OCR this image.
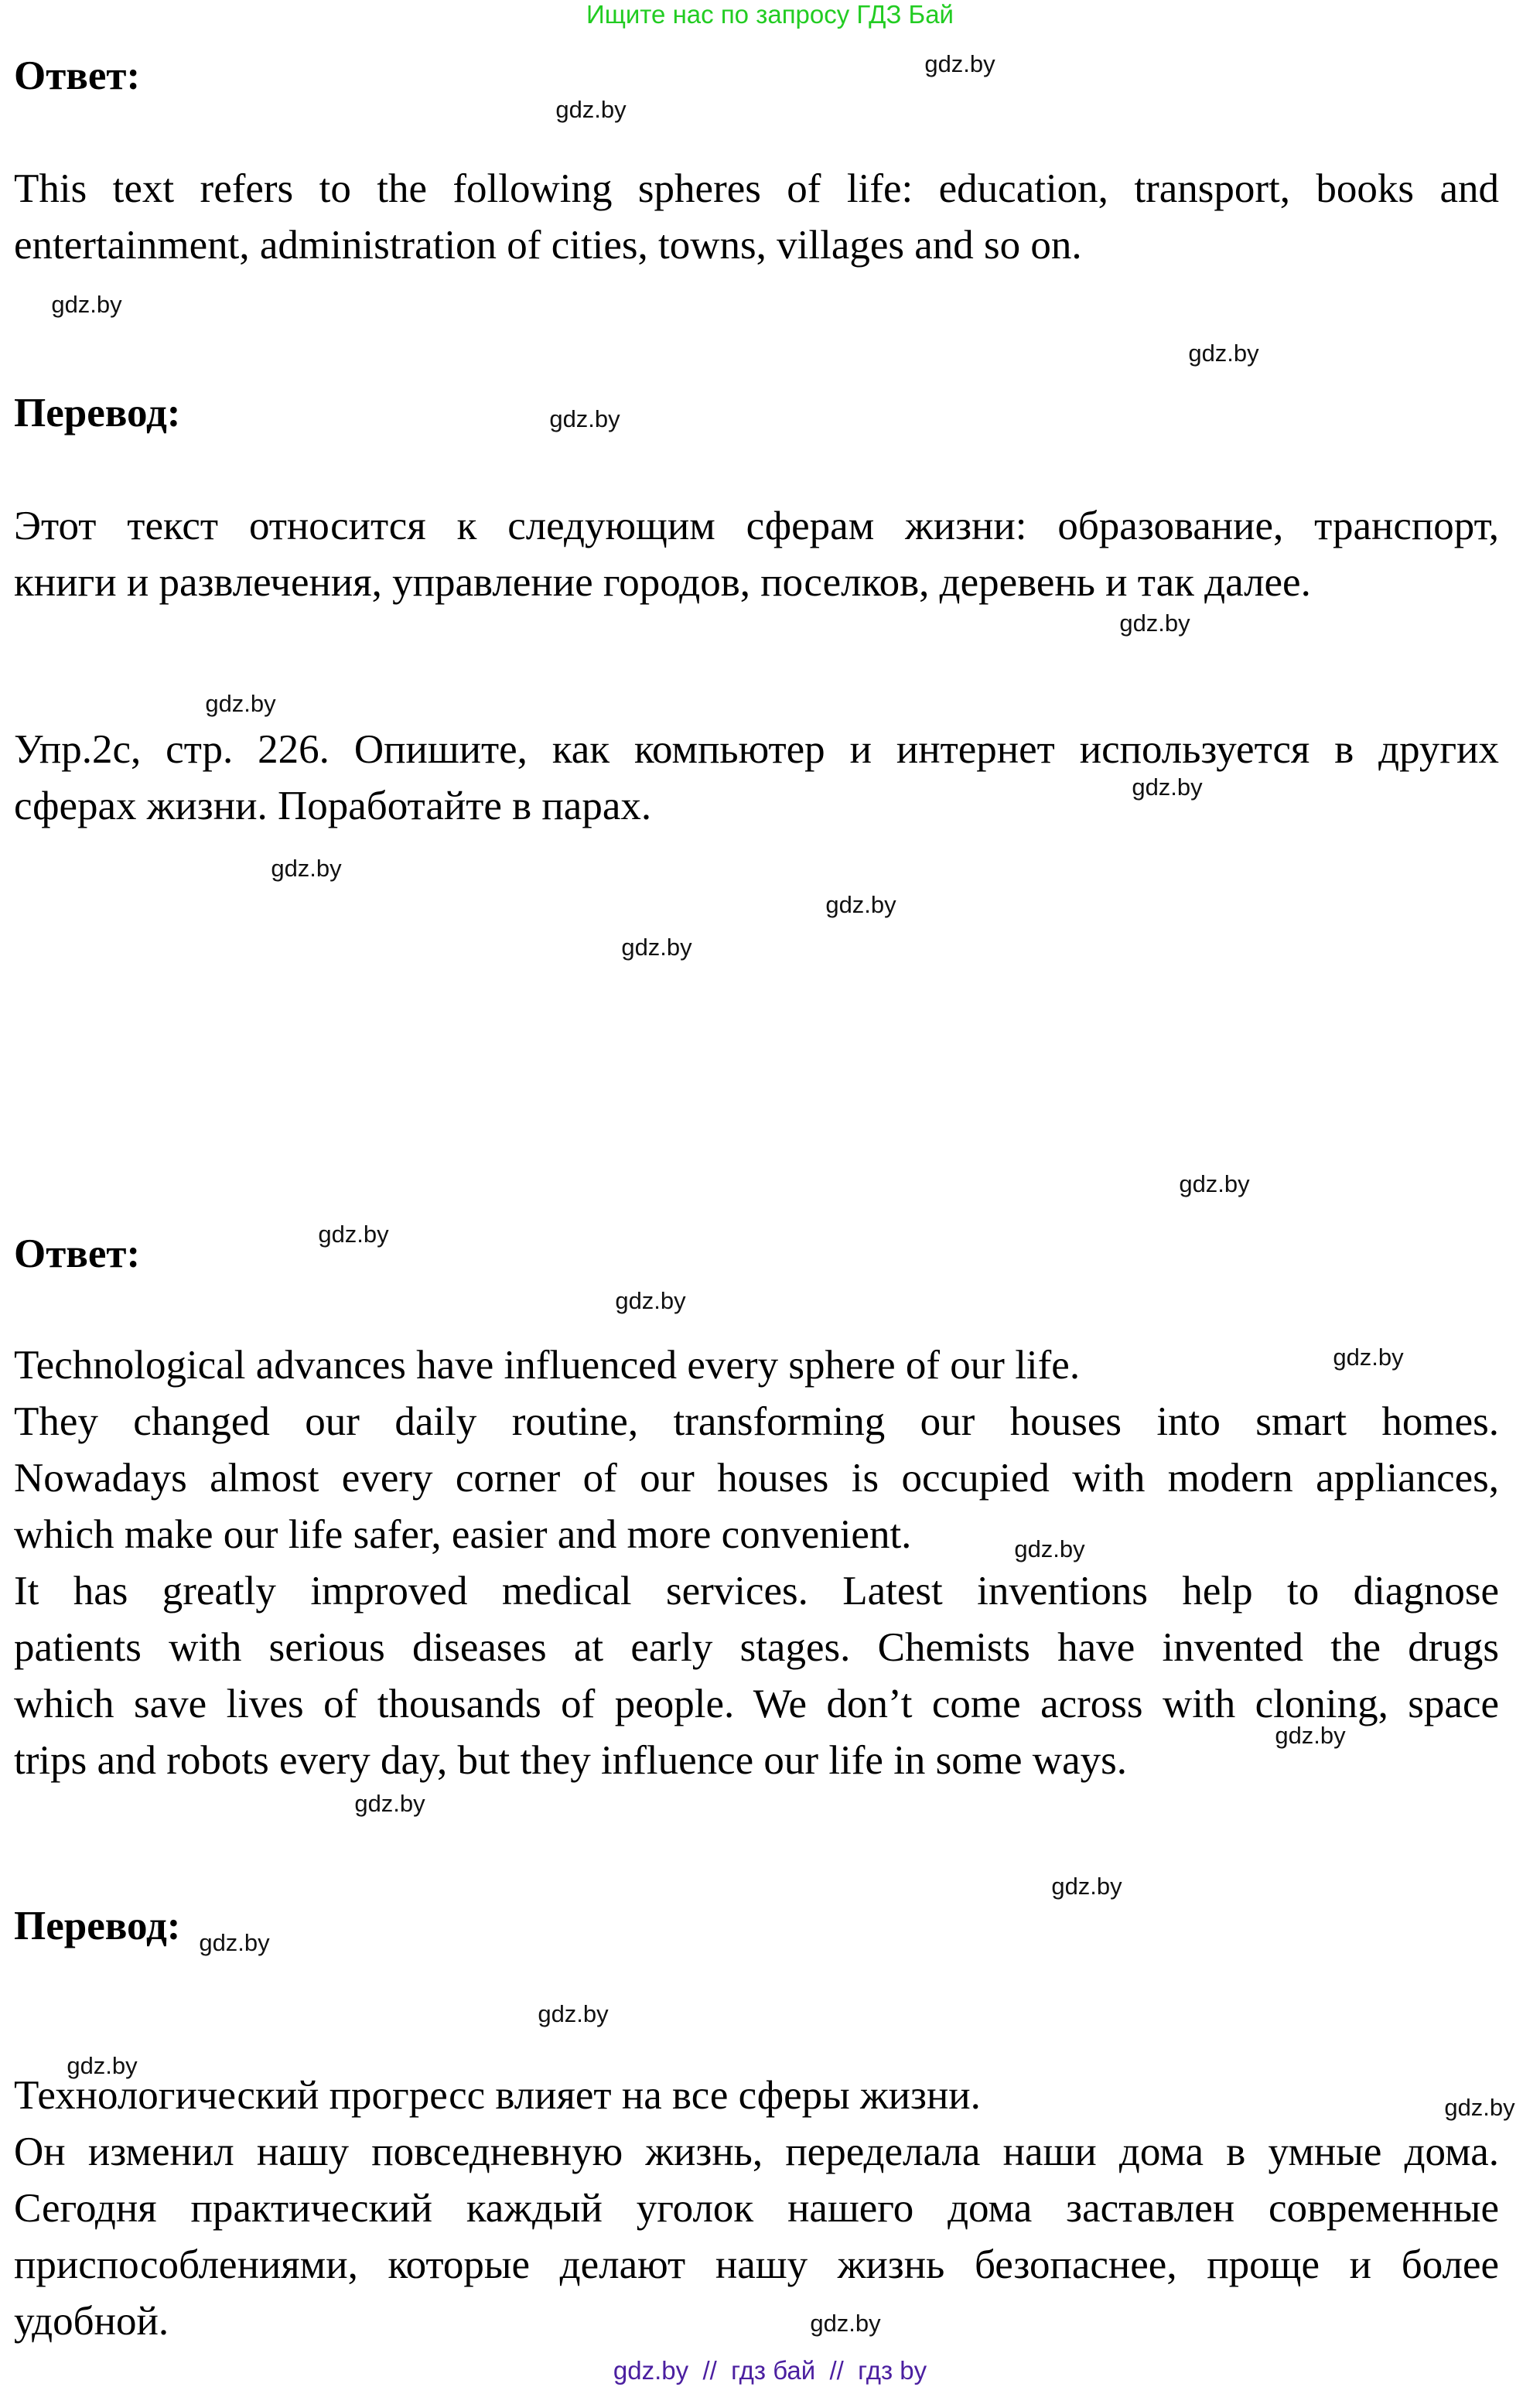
Ищите нас по запросу ГДЗ Бай
Ответ:
This text refers to the following spheres of life: education, transport, books and
entertainment, administration of cities, towns, villages and so on.
Перевод:
Этот текст относится к следующим сферам жизни: образование, транспорт,
книги и развлечения, управление городов, поселков, деревень и так далее.
Упр.2c, стр. 226. Опишите, как компьютер и интернет используется в других
сферах жизни. Поработайте в парах.
Ответ:
Technological advances have influenced every sphere of our life.
They changed our daily routine, transforming our houses into smart homes.
Nowadays almost every corner of our houses is occupied with modern appliances,
which make our life safer, easier and more convenient.
It has greatly improved medical services. Latest inventions help to diagnose
patients with serious diseases at early stages. Chemists have invented the drugs
which save lives of thousands of people. We don’t come across with cloning, space
trips and robots every day, but they influence our life in some ways.
Перевод:
Технологический прогресс влияет на все сферы жизни.
Он изменил нашу повседневную жизнь, переделала наши дома в умные дома.
Сегодня практический каждый уголок нашего дома заставлен современные
приспособлениями, которые делают нашу жизнь безопаснее, проще и более
удобной.
gdz.by
gdz.by
gdz.by
gdz.by
gdz.by
gdz.by
gdz.by
gdz.by
gdz.by
gdz.by
gdz.by
gdz.by
gdz.by
gdz.by
gdz.by
gdz.by
gdz.by
gdz.by
gdz.by
gdz.by
gdz.by
gdz.by
gdz.by
gdz.by
gdz.by  //  гдз бай  //  гдз by
